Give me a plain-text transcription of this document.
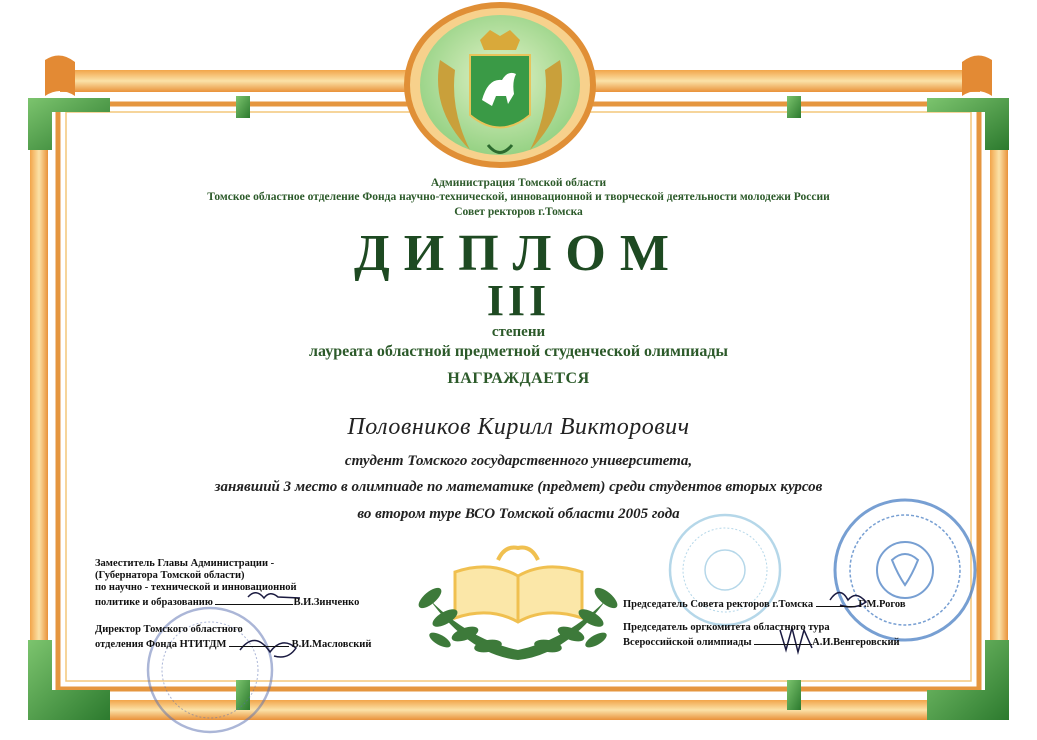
Администрация Томской области
Томское областное отделение Фонда научно-технической, инновационной и творческой деятельности молодежи России
Совет ректоров г.Томска
ДИПЛОМ
III
степени
лауреата областной предметной студенческой олимпиады
НАГРАЖДАЕТСЯ
Половников Кирилл Викторович
студент Томского государственного университета,
занявший 3 место в олимпиаде по математике (предмет) среди студентов вторых курсов
во втором туре ВСО Томской области 2005 года
Заместитель Главы Администрации -
(Губернатора Томской области)
по научно - технической и инновационной
политике и образованию	В.И.Зинченко
Директор Томского областного
отделения Фонда НТИТДМ	В.И.Масловский
Председатель Совета ректоров г.Томска	Г.М.Рогов
Председатель оргкомитета областного тура
Всероссийской олимпиады	А.И.Венгеровский
